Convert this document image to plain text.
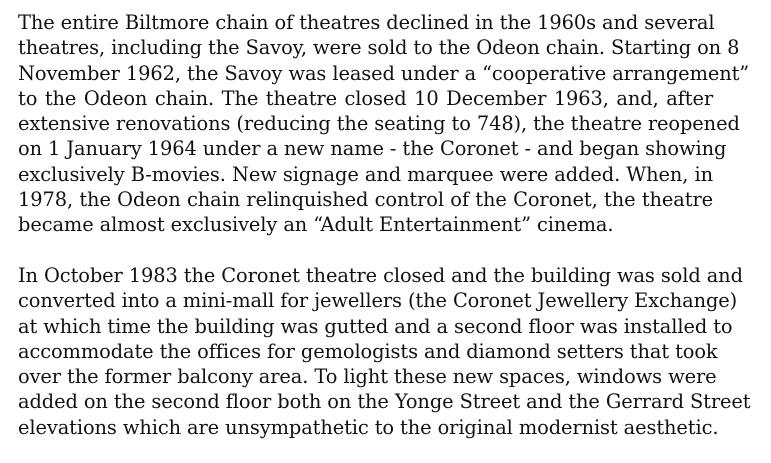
The entire Biltmore chain of theatres declined in the 1960s and several
theatres, including the Savoy, were sold to the Odeon chain. Starting on 8
November 1962, the Savoy was leased under a “cooperative arrangement”
to the Odeon chain. The theatre closed 10 December 1963, and, after
extensive renovations (reducing the seating to 748), the theatre reopened
on 1 January 1964 under a new name - the Coronet - and began showing
exclusively B-movies. New signage and marquee were added. When, in
1978, the Odeon chain relinquished control of the Coronet, the theatre
became almost exclusively an “Adult Entertainment” cinema.

In October 1983 the Coronet theatre closed and the building was sold and
converted into a mini-mall for jewellers (the Coronet Jewellery Exchange)
at which time the building was gutted and a second floor was installed to
accommodate the offices for gemologists and diamond setters that took
over the former balcony area. To light these new spaces, windows were
added on the second floor both on the Yonge Street and the Gerrard Street
elevations which are unsympathetic to the original modernist aesthetic.
